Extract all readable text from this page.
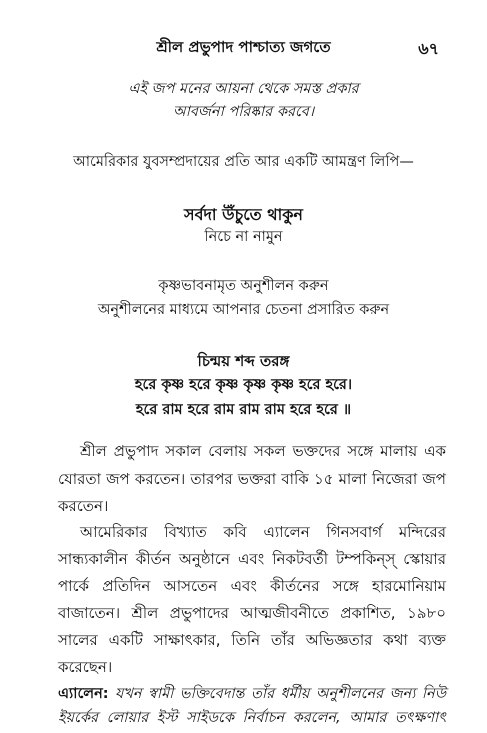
শ্রীল প্রভুপাদ পাশ্চাত্য জগতে	৬৭
এই জপ মনের আয়না থেকে সমস্ত প্রকার
আবর্জনা পরিষ্কার করবে।
আমেরিকার যুবসম্প্রদায়ের প্রতি আর একটি আমন্ত্রণ লিপি—
সর্বদা উঁচুতে থাকুন
নিচে না নামুন
কৃষ্ণভাবনামৃত অনুশীলন করুন
অনুশীলনের মাধ্যমে আপনার চেতনা প্রসারিত করুন
চিন্ময় শব্দ তরঙ্গ
হরে কৃষ্ণ হরে কৃষ্ণ কৃষ্ণ কৃষ্ণ হরে হরে।
হরে রাম হরে রাম রাম রাম হরে হরে ॥
শ্রীল প্রভুপাদ সকাল বেলায় সকল ভক্তদের সঙ্গে মালায় এক
যোরতা জপ করতেন। তারপর ভক্তরা বাকি ১৫ মালা নিজেরা জপ
করতেন।
আমেরিকার বিখ্যাত কবি এ্যালেন গিনসবার্গ মন্দিরের
সান্ধ্যকালীন কীর্তন অনুষ্ঠানে এবং নিকটবর্তী টম্পকিন্স্ স্কোয়ার
পার্কে প্রতিদিন আসতেন এবং কীর্তনের সঙ্গে হারমোনিয়াম
বাজাতেন। শ্রীল প্রভুপাদের আত্মজীবনীতে প্রকাশিত, ১৯৮০
সালের একটি সাক্ষাৎকার, তিনি তাঁর অভিজ্ঞতার কথা ব্যক্ত
করেছেন।
এ্যালেন: যখন স্বামী ভক্তিবেদান্ত তাঁর ধর্মীয় অনুশীলনের জন্য নিউ
ইয়র্কের লোয়ার ইস্ট সাইডকে নির্বাচন করলেন, আমার তৎক্ষণাৎ
